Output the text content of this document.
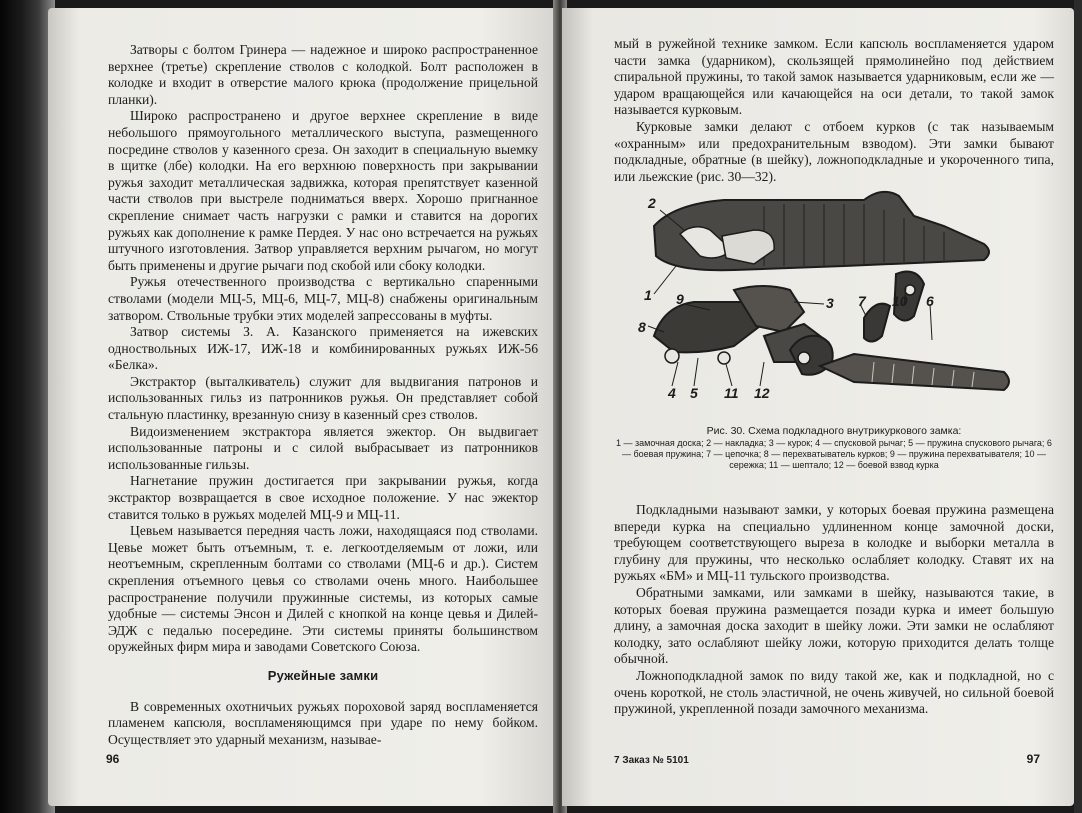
Затворы с болтом Гринера — надежное и широко распространенное верхнее (третье) скрепление стволов с колодкой. Болт расположен в колодке и входит в отверстие малого крюка (продолжение прицельной планки).

Широко распространено и другое верхнее скрепление в виде небольшого прямоугольного металлического выступа, размещенного посредине стволов у казенного среза. Он заходит в специальную выемку в щитке (лбе) колодки. На его верхнюю поверхность при закрывании ружья заходит металлическая задвижка, которая препятствует казенной части стволов при выстреле подниматься вверх. Хорошо пригнанное скрепление снимает часть нагрузки с рамки и ставится на дорогих ружьях как дополнение к рамке Пердея. У нас оно встречается на ружьях штучного изготовления. Затвор управляется верхним рычагом, но могут быть применены и другие рычаги под скобой или сбоку колодки.

Ружья отечественного производства с вертикально спаренными стволами (модели МЦ-5, МЦ-6, МЦ-7, МЦ-8) снабжены оригинальным затвором. Ствольные трубки этих моделей запрессованы в муфты.

Затвор системы З. А. Казанского применяется на ижевских одноствольных ИЖ-17, ИЖ-18 и комбинированных ружьях ИЖ-56 «Белка».

Экстрактор (выталкиватель) служит для выдвигания патронов и использованных гильз из патронников ружья. Он представляет собой стальную пластинку, врезанную снизу в казенный срез стволов.

Видоизменением экстрактора является эжектор. Он выдвигает использованные патроны и с силой выбрасывает из патронников использованные гильзы.

Нагнетание пружин достигается при закрывании ружья, когда экстрактор возвращается в свое исходное положение. У нас эжектор ставится только в ружьях моделей МЦ-9 и МЦ-11.

Цевьем называется передняя часть ложи, находящаяся под стволами. Цевье может быть отъемным, т. е. легкоотделяемым от ложи, или неотъемным, скрепленным болтами со стволами (МЦ-6 и др.). Систем скрепления отъемного цевья со стволами очень много. Наибольшее распространение получили пружинные системы, из которых самые удобные — системы Энсон и Дилей с кнопкой на конце цевья и Дилей-ЭДЖ с педалью посередине. Эти системы приняты большинством оружейных фирм мира и заводами Советского Союза.

Ружейные замки

В современных охотничьих ружьях пороховой заряд воспламеняется пламенем капсюля, воспламеняющимся при ударе по нему бойком. Осуществляет это ударный механизм, называе-

96

мый в ружейной технике замком. Если капсюль воспламеняется ударом части замка (ударником), скользящей прямолинейно под действием спиральной пружины, то такой замок называется ударниковым, если же — ударом вращающейся или качающейся на оси детали, то такой замок называется курковым.

Курковые замки делают с отбоем курков (с так называемым «охранным» или предохранительным взводом). Эти замки бывают подкладные, обратные (в шейку), ложноподкладные и укороченного типа, или льежские (рис. 30—32).

2
1 9	3 7 10 6
8
4 5 11 12
Рис. 30. Схема подкладного внутрикуркового замка:
1 — замочная доска; 2 — накладка; 3 — курок; 4 — спусковой рычаг; 5 — пружина спускового рычага; 6 — боевая пружина; 7 — цепочка; 8 — перехватыватель курков; 9 — пружина перехватывателя; 10 — сережка; 11 — шептало; 12 — боевой взвод курка

Подкладными называют замки, у которых боевая пружина размещена впереди курка на специально удлиненном конце замочной доски, требующем соответствующего выреза в колодке и выборки металла в глубину для пружины, что несколько ослабляет колодку. Ставят их на ружьях «БМ» и МЦ-11 тульского производства.

Обратными замками, или замками в шейку, называются такие, в которых боевая пружина размещается позади курка и имеет большую длину, а замочная доска заходит в шейку ложи. Эти замки не ослабляют колодку, зато ослабляют шейку ложи, которую приходится делать толще обычной.

Ложноподкладной замок по виду такой же, как и подкладной, но с очень короткой, не столь эластичной, не очень живучей, но сильной боевой пружиной, укрепленной позади замочного механизма.

7 Заказ № 5101	97
